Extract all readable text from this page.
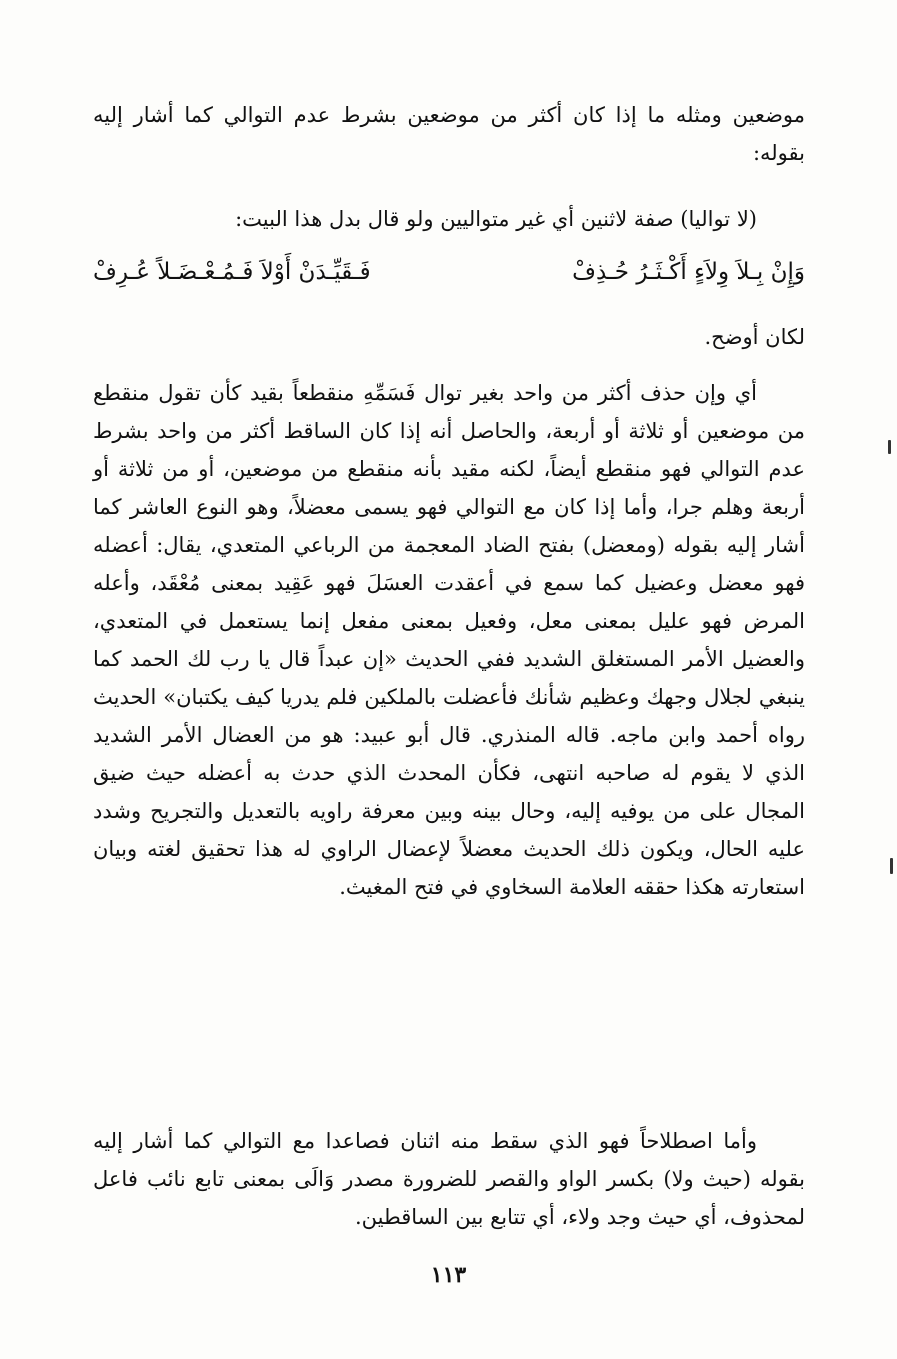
موضعين ومثله ما إذا كان أكثر من موضعين بشرط عدم التوالي كما أشار إليه بقوله:

(لا تواليا) صفة لاثنين أي غير متواليين ولو قال بدل هذا البيت:

وَإِنْ بِـلاَ وِلاَءٍ أَكْـثَـرُ حُـذِفْ
فَـقَيِّـدَنْ أَوْلاَ فَـمُـعْـضَـلاً عُـرِفْ

لكان أوضح.

أي وإن حذف أكثر من واحد بغير توال فَسَمِّهِ منقطعاً بقيد كأن تقول منقطع من موضعين أو ثلاثة أو أربعة، والحاصل أنه إذا كان الساقط أكثر من واحد بشرط عدم التوالي فهو منقطع أيضاً، لكنه مقيد بأنه منقطع من موضعين، أو من ثلاثة أو أربعة وهلم جرا، وأما إذا كان مع التوالي فهو يسمى معضلاً، وهو النوع العاشر كما أشار إليه بقوله (ومعضل) بفتح الضاد المعجمة من الرباعي المتعدي، يقال: أعضله فهو معضل وعضيل كما سمع في أعقدت العسَلَ فهو عَقِيد بمعنى مُعْقَد، وأعله المرض فهو عليل بمعنى معل، وفعيل بمعنى مفعل إنما يستعمل في المتعدي، والعضيل الأمر المستغلق الشديد ففي الحديث «إن عبداً قال يا رب لك الحمد كما ينبغي لجلال وجهك وعظيم شأنك فأعضلت بالملكين فلم يدريا كيف يكتبان» الحديث رواه أحمد وابن ماجه. قاله المنذري. قال أبو عبيد: هو من العضال الأمر الشديد الذي لا يقوم له صاحبه انتهى، فكأن المحدث الذي حدث به أعضله حيث ضيق المجال على من يوفيه إليه، وحال بينه وبين معرفة راويه بالتعديل والتجريح وشدد عليه الحال، ويكون ذلك الحديث معضلاً لإعضال الراوي له هذا تحقيق لغته وبيان استعارته هكذا حققه العلامة السخاوي في فتح المغيث.

وأما اصطلاحاً فهو الذي سقط منه اثنان فصاعدا مع التوالي كما أشار إليه بقوله (حيث ولا) بكسر الواو والقصر للضرورة مصدر وَالَى بمعنى تابع نائب فاعل لمحذوف، أي حيث وجد ولاء، أي تتابع بين الساقطين.

١١٣
